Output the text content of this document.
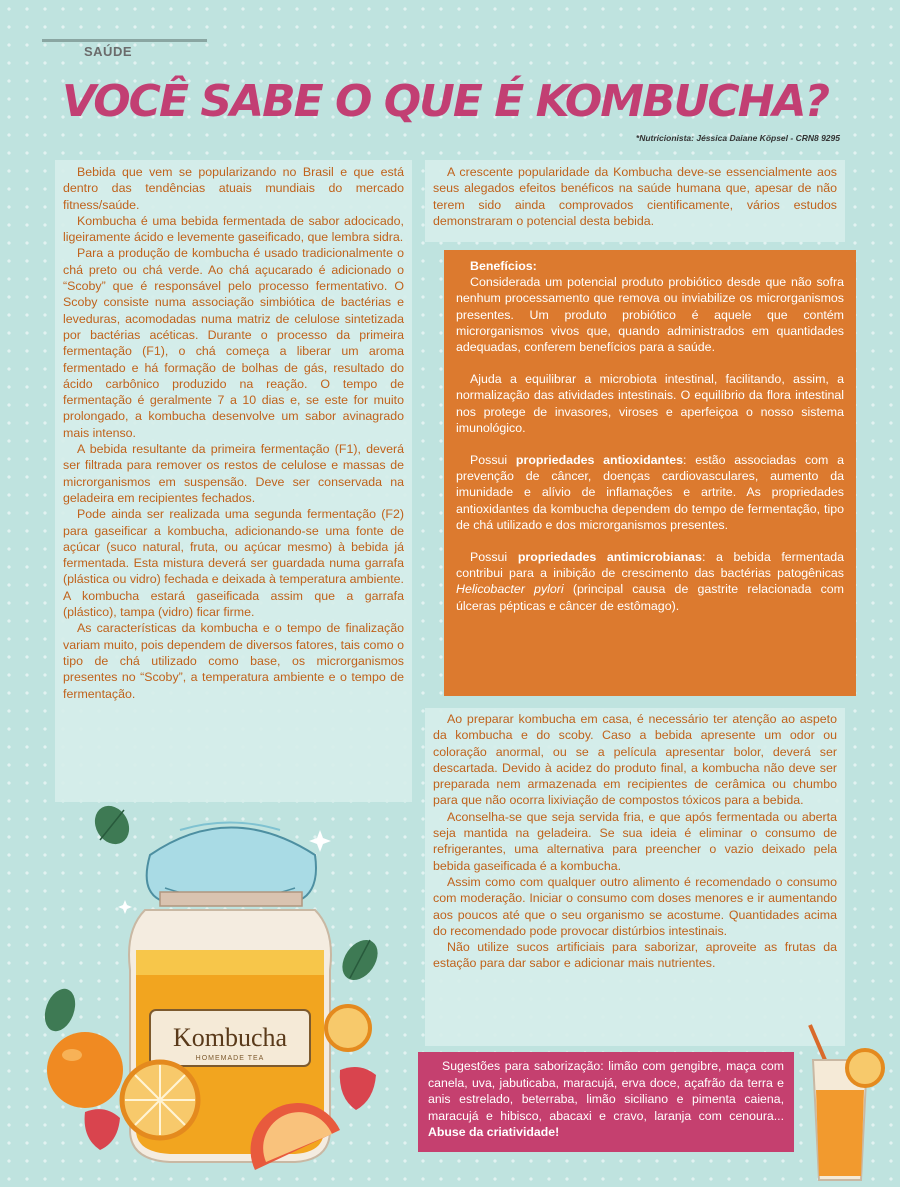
SAÚDE
VOCÊ SABE O QUE É KOMBUCHA?
*Nutricionista: Jéssica Daiane Köpsel - CRN8 9295

Bebida que vem se popularizando no Brasil e que está dentro das tendências atuais mundiais do mercado fitness/saúde.

Kombucha é uma bebida fermentada de sabor adocicado, ligeiramente ácido e levemente gaseificado, que lembra sidra.

Para a produção de kombucha é usado tradicionalmente o chá preto ou chá verde. Ao chá açucarado é adicionado o “Scoby” que é responsável pelo processo fermentativo. O Scoby consiste numa associação simbiótica de bactérias e leveduras, acomodadas numa matriz de celulose sintetizada por bactérias acéticas. Durante o processo da primeira fermentação (F1), o chá começa a liberar um aroma fermentado e há formação de bolhas de gás, resultado do ácido carbônico produzido na reação. O tempo de fermentação é geralmente 7 a 10 dias e, se este for muito prolongado, a kombucha desenvolve um sabor avinagrado mais intenso.

A bebida resultante da primeira fermentação (F1), deverá ser filtrada para remover os restos de celulose e massas de microrganismos em suspensão. Deve ser conservada na geladeira em recipientes fechados.

Pode ainda ser realizada uma segunda fermentação (F2) para gaseificar a kombucha, adicionando-se uma fonte de açúcar (suco natural, fruta, ou açúcar mesmo) à bebida já fermentada. Esta mistura deverá ser guardada numa garrafa (plástica ou vidro) fechada e deixada à temperatura ambiente. A kombucha estará gaseificada assim que a garrafa (plástico), tampa (vidro) ficar firme.

As características da kombucha e o tempo de finalização variam muito, pois dependem de diversos fatores, tais como o tipo de chá utilizado como base, os microrganismos presentes no “Scoby”, a temperatura ambiente e o tempo de fermentação.

A crescente popularidade da Kombucha deve-se essencialmente aos seus alegados efeitos benéficos na saúde humana que, apesar de não terem sido ainda comprovados cientificamente, vários estudos demonstraram o potencial desta bebida.

Benefícios:

Considerada um potencial produto probiótico desde que não sofra nenhum processamento que remova ou inviabilize os microrganismos presentes. Um produto probiótico é aquele que contém microrganismos vivos que, quando administrados em quantidades adequadas, conferem benefícios para a saúde.

Ajuda a equilibrar a microbiota intestinal, facilitando, assim, a normalização das atividades intestinais. O equilíbrio da flora intestinal nos protege de invasores, viroses e aperfeiçoa o nosso sistema imunológico.

Possui propriedades antioxidantes: estão associadas com a prevenção de câncer, doenças cardiovasculares, aumento da imunidade e alívio de inflamações e artrite. As propriedades antioxidantes da kombucha dependem do tempo de fermentação, tipo de chá utilizado e dos microrganismos presentes.

Possui propriedades antimicrobianas: a bebida fermentada contribui para a inibição de crescimento das bactérias patogênicas Helicobacter pylori (principal causa de gastrite relacionada com úlceras pépticas e câncer de estômago).

Ao preparar kombucha em casa, é necessário ter atenção ao aspeto da kombucha e do scoby. Caso a bebida apresente um odor ou coloração anormal, ou se a película apresentar bolor, deverá ser descartada. Devido à acidez do produto final, a kombucha não deve ser preparada nem armazenada em recipientes de cerâmica ou chumbo para que não ocorra lixiviação de compostos tóxicos para a bebida.

Aconselha-se que seja servida fria, e que após fermentada ou aberta seja mantida na geladeira. Se sua ideia é eliminar o consumo de refrigerantes, uma alternativa para preencher o vazio deixado pela bebida gaseificada é a kombucha.

Assim como com qualquer outro alimento é recomendado o consumo com moderação. Iniciar o consumo com doses menores e ir aumentando aos poucos até que o seu organismo se acostume. Quantidades acima do recomendado pode provocar distúrbios intestinais.

Não utilize sucos artificiais para saborizar, aproveite as frutas da estação para dar sabor e adicionar mais nutrientes.

Sugestões para saborização: limão com gengibre, maça com canela, uva, jabuticaba, maracujá, erva doce, açafrão da terra e anis estrelado, beterraba, limão siciliano e pimenta caiena, maracujá e hibisco, abacaxi e cravo, laranja com cenoura... Abuse da criatividade!

Kombucha
HOMEMADE TEA
